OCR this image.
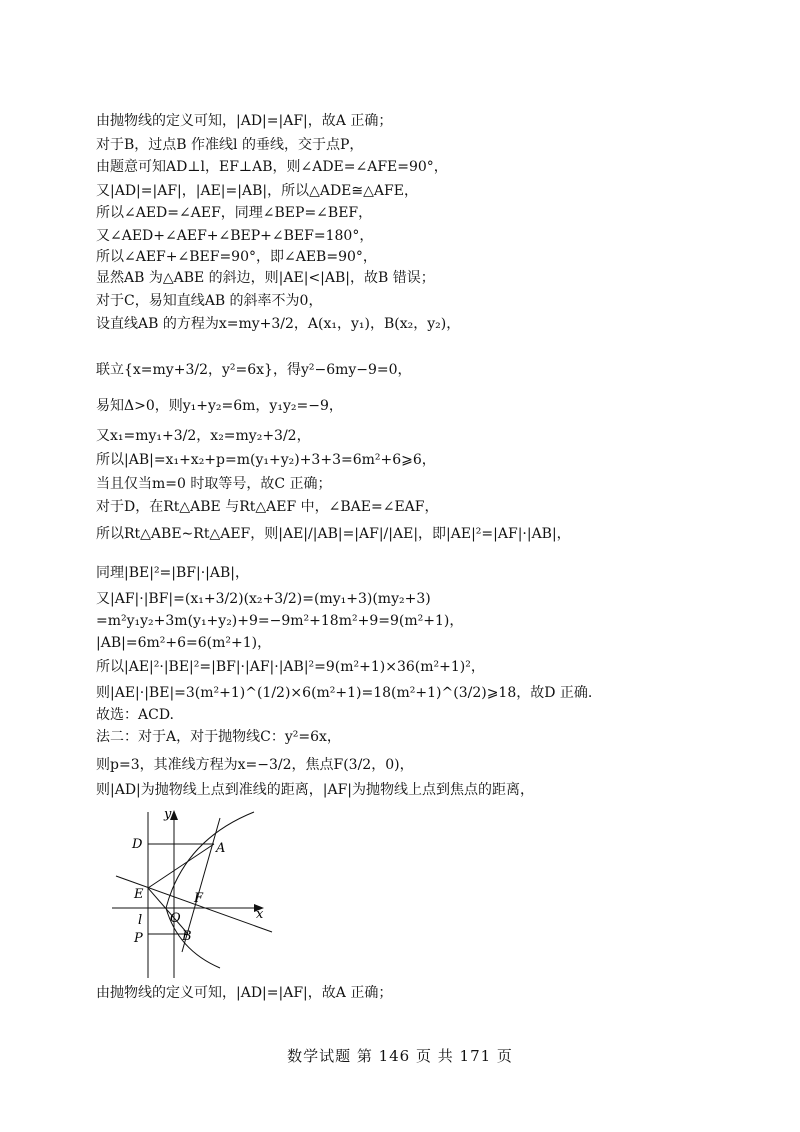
由抛物线的定义可知，|AD|=|AF|，故A 正确；
对于B，过点B 作准线l 的垂线，交于点P，
由题意可知AD⊥l，EF⊥AB，则∠ADE=∠AFE=90°，
又|AD|=|AF|，|AE|=|AB|，所以△ADE≅△AFE，
所以∠AED=∠AEF，同理∠BEP=∠BEF，
又∠AED+∠AEF+∠BEP+∠BEF=180°，
所以∠AEF+∠BEF=90°，即∠AEB=90°，
显然AB 为△ABE 的斜边，则|AE|<|AB|，故B 错误；
对于C，易知直线AB 的斜率不为0，
设直线AB 的方程为x=my+3/2，A(x₁，y₁)，B(x₂，y₂)，
联立{x=my+3/2，y²=6x}，得y²−6my−9=0，
易知Δ>0，则y₁+y₂=6m，y₁y₂=−9，
又x₁=my₁+3/2，x₂=my₂+3/2，
所以|AB|=x₁+x₂+p=m(y₁+y₂)+3+3=6m²+6⩾6，
当且仅当m=0 时取等号，故C 正确；
对于D，在Rt△ABE 与Rt△AEF 中，∠BAE=∠EAF，
所以Rt△ABE∼Rt△AEF，则|AE|/|AB|=|AF|/|AE|，即|AE|²=|AF|·|AB|，
同理|BE|²=|BF|·|AB|，
又|AF|·|BF|=(x₁+3/2)(x₂+3/2)=(my₁+3)(my₂+3)
=m²y₁y₂+3m(y₁+y₂)+9=−9m²+18m²+9=9(m²+1)，
|AB|=6m²+6=6(m²+1)，
所以|AE|²·|BE|²=|BF|·|AF|·|AB|²=9(m²+1)×36(m²+1)²，
则|AE|·|BE|=3(m²+1)^(1/2)×6(m²+1)=18(m²+1)^(3/2)⩾18，故D 正确.
故选：ACD.
法二：对于A，对于抛物线C：y²=6x，
则p=3，其准线方程为x=−3/2，焦点F(3/2，0)，
则|AD|为抛物线上点到准线的距离，|AF|为抛物线上点到焦点的距离，
由抛物线的定义可知，|AD|=|AF|，故A 正确；
y
D	A
E	F
O	x
l
P	B
数学试题 第 146 页 共 171 页
